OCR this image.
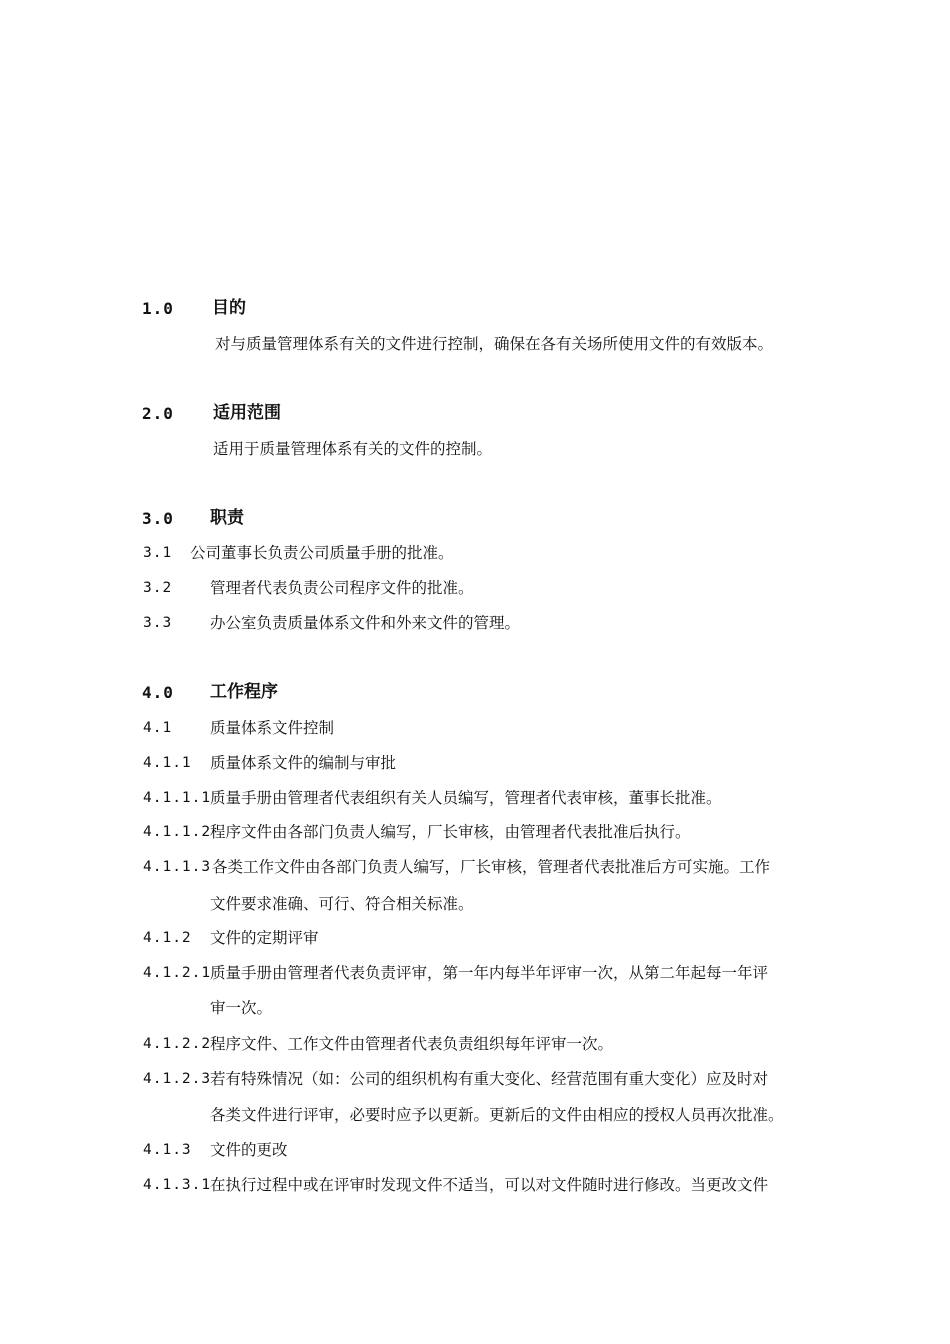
1.0 目的
对与质量管理体系有关的文件进行控制，确保在各有关场所使用文件的有效版本。
2.0 适用范围
适用于质量管理体系有关的文件的控制。
3.0 职责
3.1 公司董事长负责公司质量手册的批准。
3.2 管理者代表负责公司程序文件的批准。
3.3 办公室负责质量体系文件和外来文件的管理。
4.0 工作程序
4.1 质量体系文件控制
4.1.1 质量体系文件的编制与审批
4.1.1.1
质量手册由管理者代表组织有关人员编写，管理者代表审核，董事长批准。
4.1.1.2
程序文件由各部门负责人编写，厂长审核，由管理者代表批准后执行。
4.1.1.3 各类工作文件由各部门负责人编写，厂长审核，管理者代表批准后方可实施。工作
文件要求准确、可行、符合相关标准。
4.1.2 文件的定期评审
4.1.2.1
质量手册由管理者代表负责评审，第一年内每半年评审一次，从第二年起每一年评
审一次。
4.1.2.2
程序文件、工作文件由管理者代表负责组织每年评审一次。
4.1.2.3
若有特殊情况（如：公司的组织机构有重大变化、经营范围有重大变化）应及时对
各类文件进行评审，必要时应予以更新。更新后的文件由相应的授权人员再次批准。
4.1.3 文件的更改
4.1.3.1
在执行过程中或在评审时发现文件不适当，可以对文件随时进行修改。当更改文件
